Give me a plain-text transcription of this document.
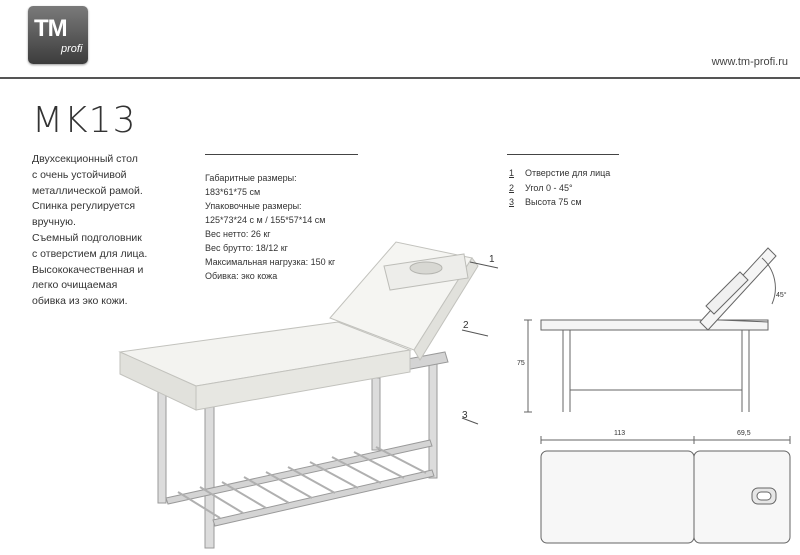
TM
profi
www.tm-profi.ru
MK13
Двухсекционный стол
с очень устойчивой
металлической рамой.
Спинка регулируется
вручную.
Съемный подголовник
с отверстием для лица.
Высококачественная и
легко очищаемая
обивка из эко кожи.
Габаритные размеры:
183*61*75 см
Упаковочные размеры:
125*73*24 с м / 155*57*14 см
Вес нетто: 26 кг
Вес брутто: 18/12 кг
Максимальная нагрузка: 150 кг
Обивка: эко кожа
1 Отверстие для лица
2 Угол 0 - 45°
3 Высота 75 см
1
2
3
75
45°
113	69,5
